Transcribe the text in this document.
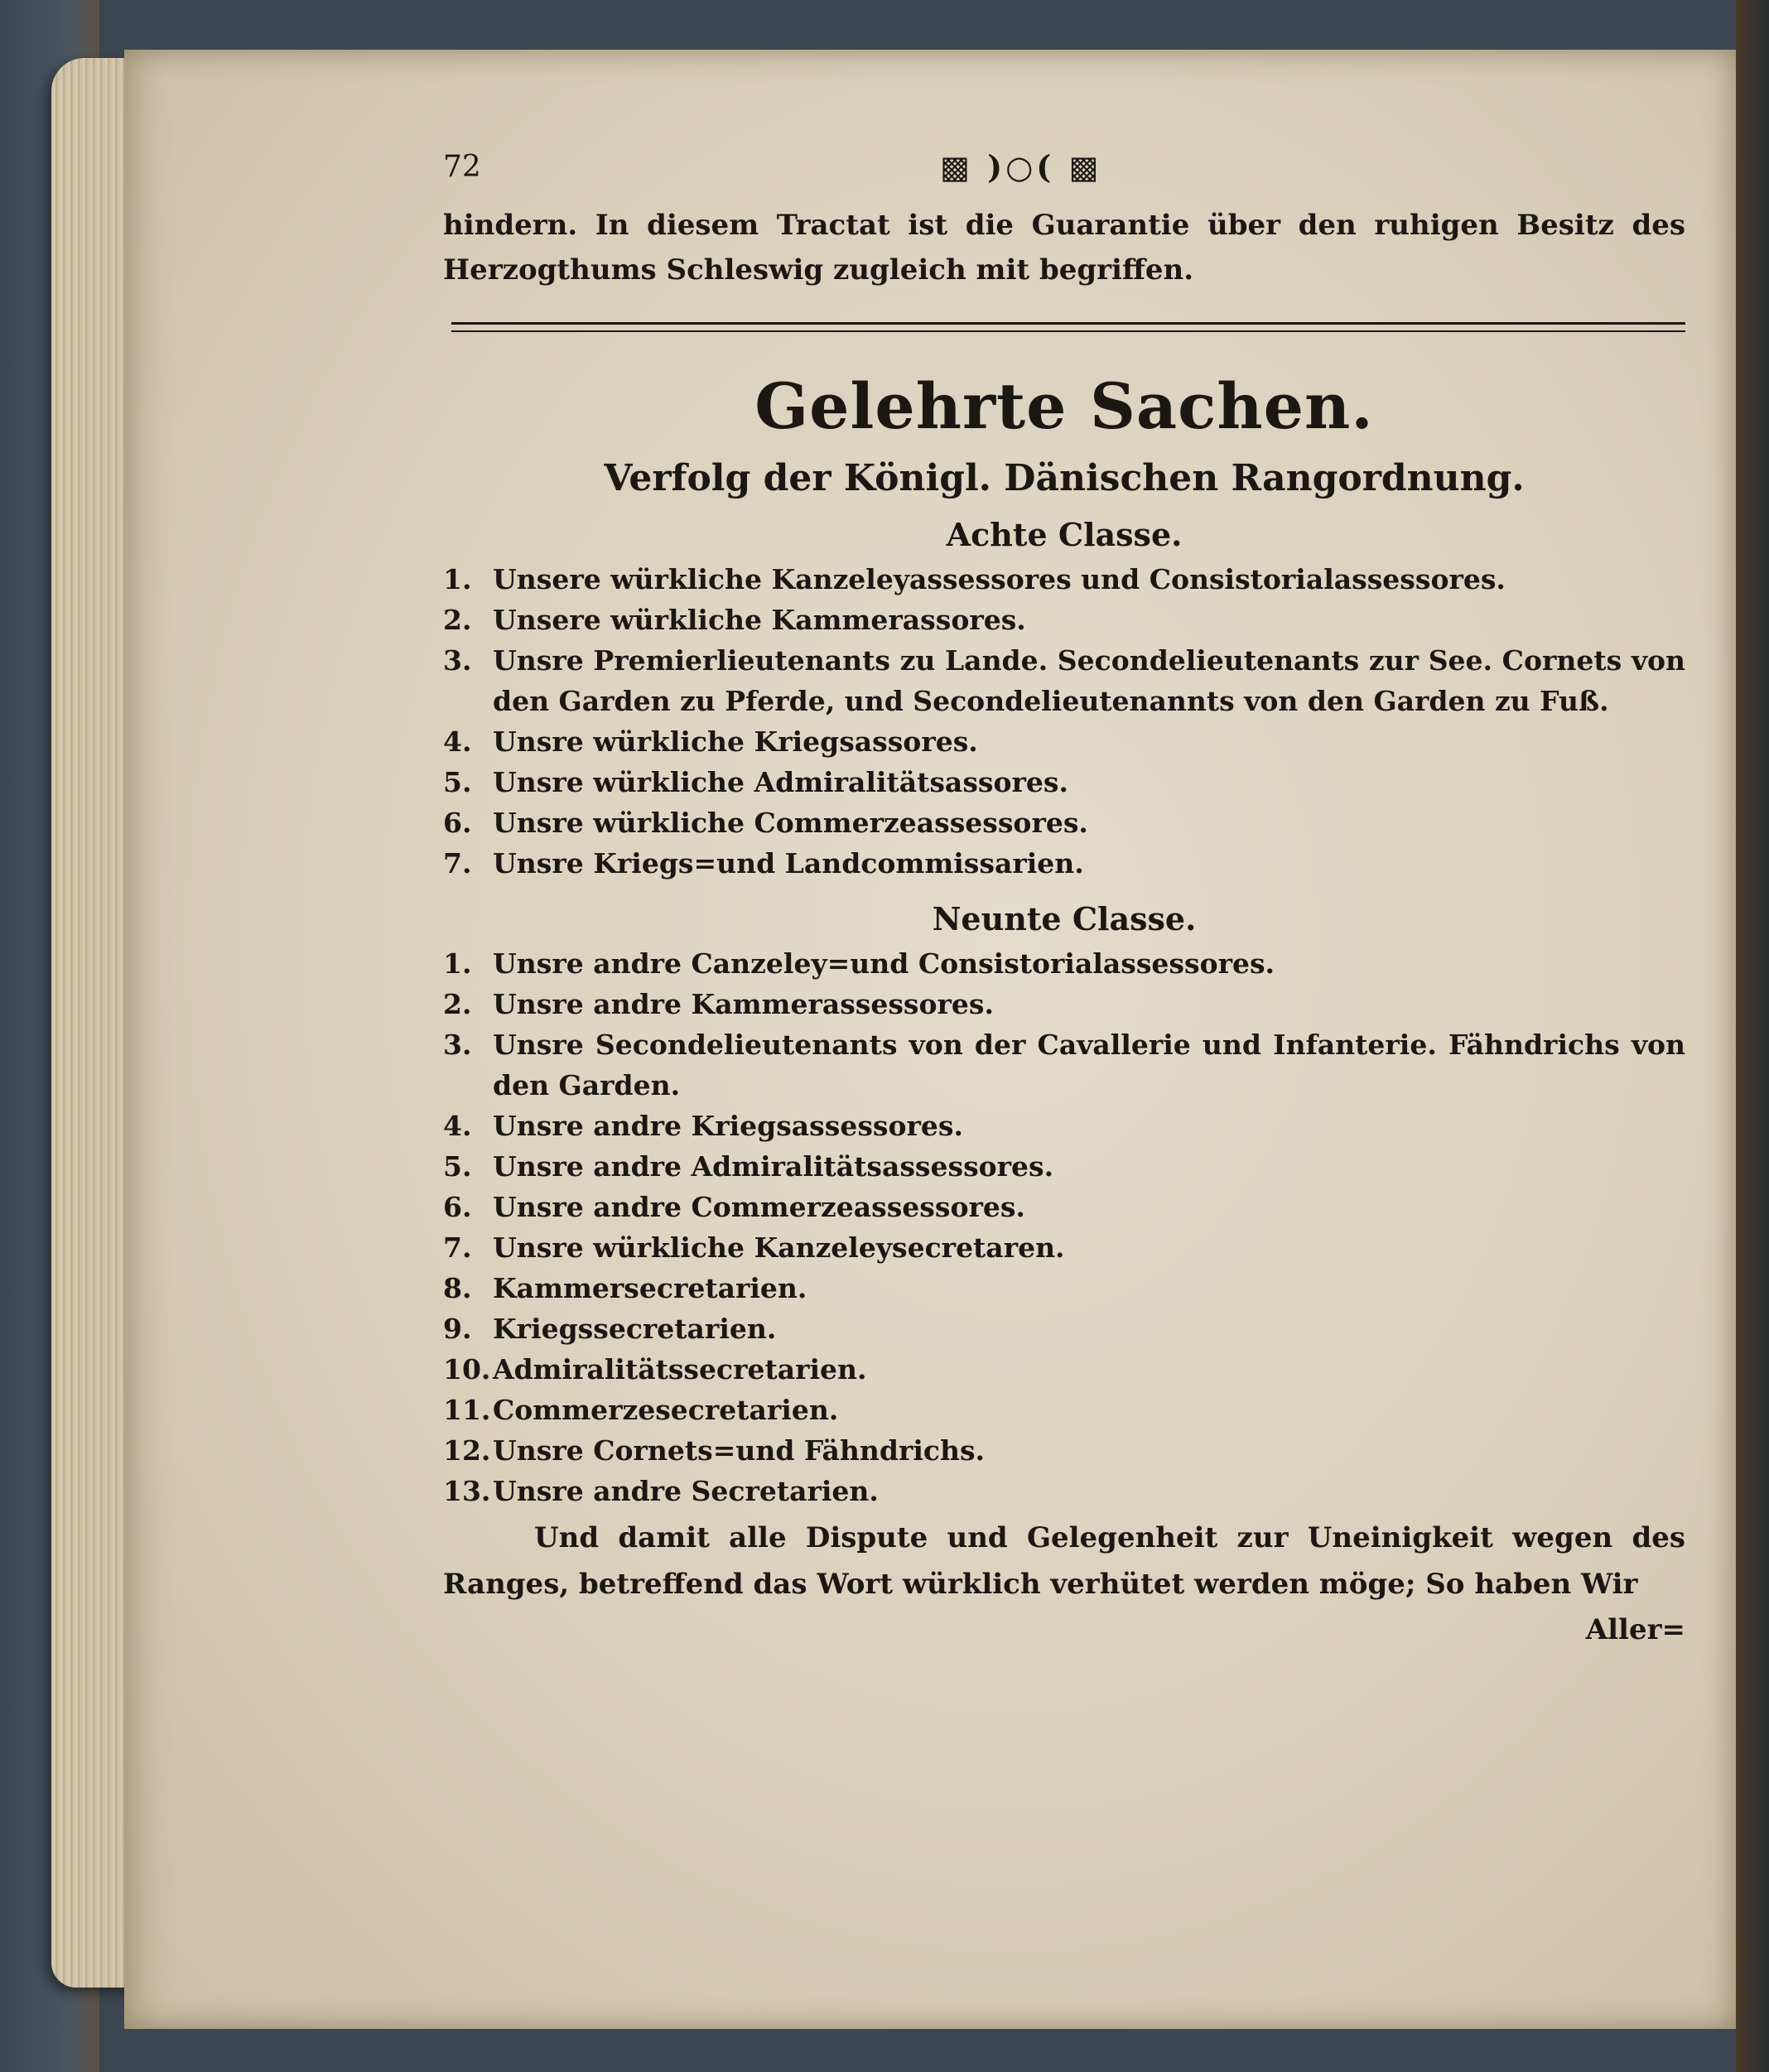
72	▩ )○( ▩

hindern. In diesem Tractat ist die Guarantie über den ruhigen Besitz des Herzogthums Schleswig zugleich mit begriffen.

Gelehrte Sachen.
Verfolg der Königl. Dänischen Rangordnung.
Achte Classe.
1. Unsere würkliche Kanzeleyassessores und Consistorialassessores.
2. Unsere würkliche Kammerassores.
3. Unsre Premierlieutenants zu Lande. Secondelieutenants zur See. Cornets von den Garden zu Pferde, und Secondelieutenannts von den Garden zu Fuß.
4. Unsre würkliche Kriegsassores.
5. Unsre würkliche Admiralitätsassores.
6. Unsre würkliche Commerzeassessores.
7. Unsre Kriegs=und Landcommissarien.
Neunte Classe.
1. Unsre andre Canzeley=und Consistorialassessores.
2. Unsre andre Kammerassessores.
3. Unsre Secondelieutenants von der Cavallerie und Infanterie. Fähndrichs von den Garden.
4. Unsre andre Kriegsassessores.
5. Unsre andre Admiralitätsassessores.
6. Unsre andre Commerzeassessores.
7. Unsre würkliche Kanzeleysecretaren.
8. Kammersecretarien.
9. Kriegssecretarien.
10. Admiralitätssecretarien.
11. Commerzesecretarien.
12. Unsre Cornets=und Fähndrichs.
13. Unsre andre Secretarien.

Und damit alle Dispute und Gelegenheit zur Uneinigkeit wegen des Ranges, betreffend das Wort würklich verhütet werden möge; So haben Wir

Aller=
